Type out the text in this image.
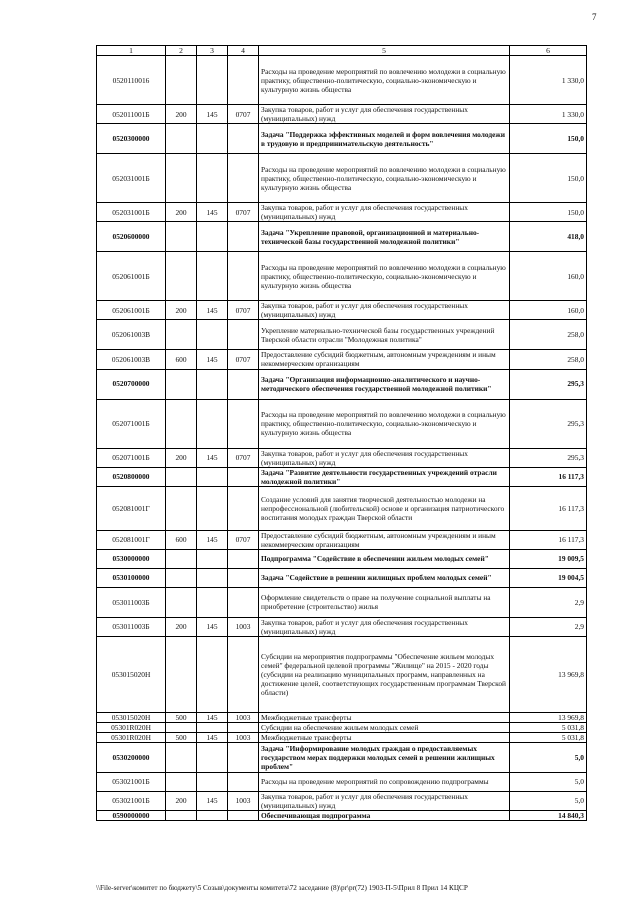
7
1	2	3	4	5	6
0520110016				Расходы на проведение мероприятий по вовлечению молодежи в социальную практику, общественно-политическую, социально-экономическую и культурную жизнь общества	1 330,0
052011001Б	200	145	0707	Закупка товаров, работ и услуг для обеспечения государственных (муниципальных) нужд	1 330,0
0520300000				Задача "Поддержка эффективных моделей и форм вовлечения молодежи в трудовую и предпринимательскую деятельность"	150,0
052031001Б				Расходы на проведение мероприятий по вовлечению молодежи в социальную практику, общественно-политическую, социально-экономическую и культурную жизнь общества	150,0
052031001Б	200	145	0707	Закупка товаров, работ и услуг для обеспечения государственных (муниципальных) нужд	150,0
0520600000				Задача "Укрепление правовой, организационной и материально-технической базы государственной молодежной политики"	418,0
052061001Б				Расходы на проведение мероприятий по вовлечению молодежи в социальную практику, общественно-политическую, социально-экономическую и культурную жизнь общества	160,0
052061001Б	200	145	0707	Закупка товаров, работ и услуг для обеспечения государственных (муниципальных) нужд	160,0
052061003В				Укрепление материально-технической базы государственных учреждений Тверской области отрасли "Молодежная политика"	258,0
052061003В	600	145	0707	Предоставление субсидий бюджетным, автономным учреждениям и иным некоммерческим организациям	258,0
0520700000				Задача "Организация информационно-аналитического и научно-методического обеспечения государственной молодежной политики"	295,3
052071001Б				Расходы на проведение мероприятий по вовлечению молодежи в социальную практику, общественно-политическую, социально-экономическую и культурную жизнь общества	295,3
052071001Б	200	145	0707	Закупка товаров, работ и услуг для обеспечения государственных (муниципальных) нужд	295,3
0520800000				Задача "Развитие деятельности государственных учреждений отрасли молодежной политики"	16 117,3
052081001Г				Создание условий для занятия творческой деятельностью молодежи на непрофессиональной (любительской) основе и организация патриотического воспитания молодых граждан Тверской области	16 117,3
052081001Г	600	145	0707	Предоставление субсидий бюджетным, автономным учреждениям и иным некоммерческим организациям	16 117,3
0530000000				Подпрограмма "Содействие в обеспечении жильем молодых семей"	19 009,5
0530100000				Задача "Содействие в решении жилищных проблем молодых семей"	19 004,5
053011003Б				Оформление свидетельств о праве на получение социальной выплаты на приобретение (строительство) жилья	2,9
053011003Б	200	145	1003	Закупка товаров, работ и услуг для обеспечения государственных (муниципальных) нужд	2,9
053015020Н				Субсидии на мероприятия подпрограммы "Обеспечение жильем молодых семей" федеральной целевой программы "Жилище" на 2015 - 2020 годы (субсидии на реализацию муниципальных программ, направленных на достижение целей, соответствующих государственным программам Тверской области)	13 969,8
053015020Н	500	145	1003	Межбюджетные трансферты	13 969,8
05301R020Н				Субсидии на обеспечение жильем молодых семей	5 031,8
05301R020Н	500	145	1003	Межбюджетные трансферты	5 031,8
0530200000				Задача "Информирование молодых граждан о предоставляемых государством мерах поддержки молодых семей в решении жилищных проблем"	5,0
053021001Б				Расходы на проведение мероприятий по сопровождению подпрограммы	5,0
053021001Б	200	145	1003	Закупка товаров, работ и услуг для обеспечения государственных (муниципальных) нужд	5,0
0590000000				Обеспечивающая подпрограмма	14 840,3
\\File-server\комитет по бюджету\5 Созыв\документы комитета\72 заседание (8)\pr\pr(72) 1903-П-5\Прил 8 Прил 14 КЦСР
